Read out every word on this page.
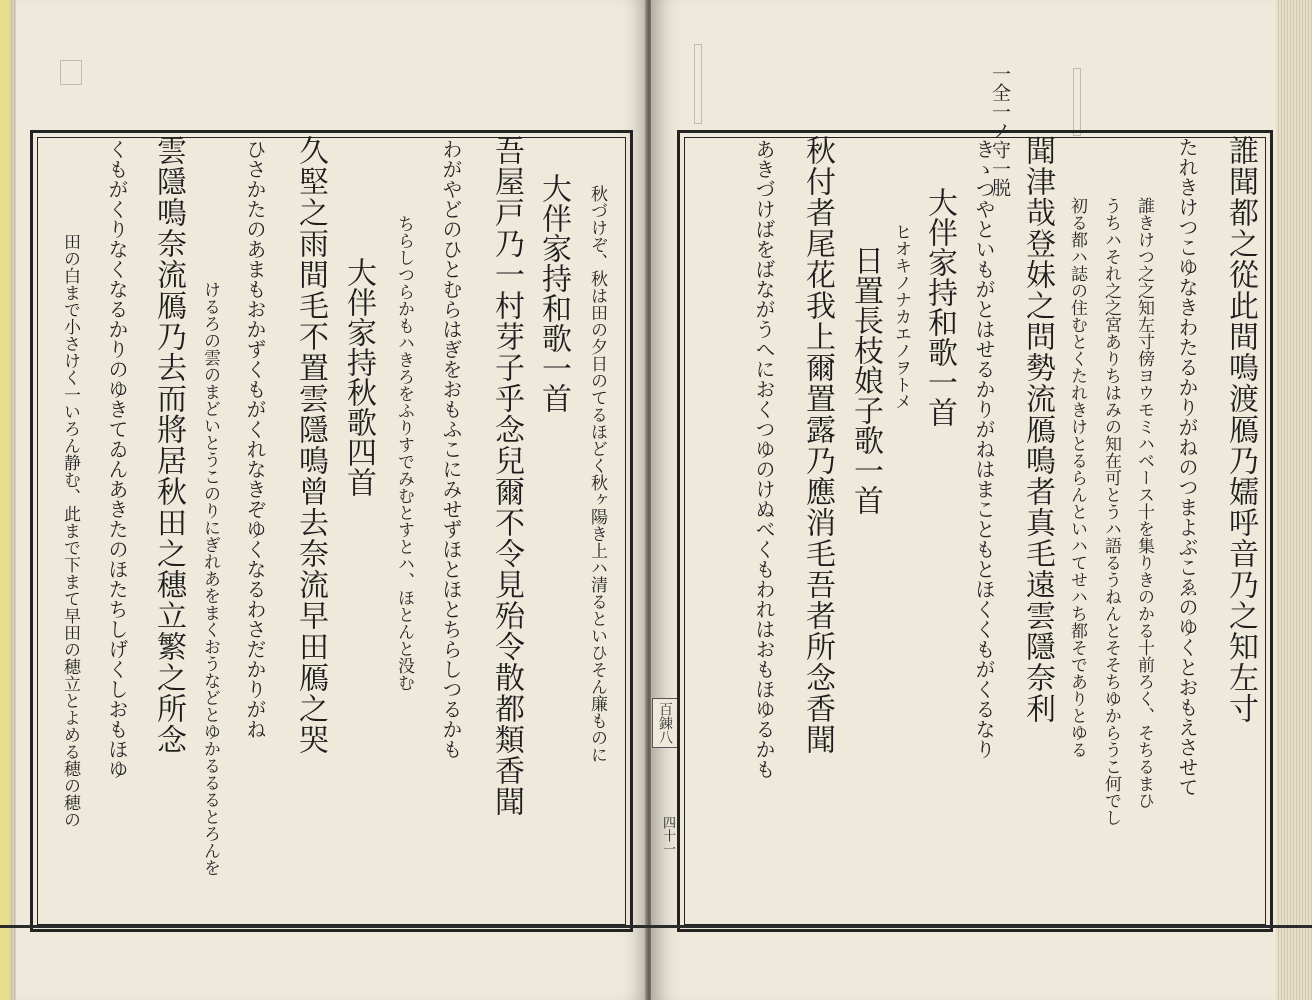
秋づけぞ、秋は田の夕日のてるほどく秋ヶ陽き上ハ清るといひそん廉ものに
大伴家持和歌一首
吾屋戸乃一村芽子乎念兒爾不令見殆令散都類香聞
わがやどのひとむらはぎをおもふこにみせずほとほとちらしつるかも
ちらしつらかもハきろをふりすでみむとすとハ、ほとんと没む
大伴家持秋歌四首
久堅之雨間毛不置雲隱鳴曾去奈流早田鴈之哭
ひさかたのあまもおかずくもがくれなきぞゆくなるわさだかりがね
けるろの雲のまどいとうこのりにぎれあをまくおうなどとゆかるるるとろんを
雲隱鳴奈流鴈乃去而將居秋田之穗立繁之所念
くもがくりなくなるかりのゆきてゐんあきたのほたちしげくしおもほゆ
田の白まで小さけく一いろん静む、此まで下まて早田の穂立とよめる穂の穂の	百錬八
四十一
一全一ノ守一脱
誰聞都之從此間鳴渡鴈乃嬬呼音乃之知左寸
たれきけつこゆなきわたるかりがねのつまよぶこゑのゆくとおもえさせて
誰きけつ之之知左寸傍ヨウモミハベース十を集りきのかる十前ろく、そちるまひ
うちハそれ之之宮ありちはみの知在可とうハ語るうねんとそそちゆからうこ何でし
初る都ハ誌の住むとくたれきけとるらんといハてせハち都そでありとゆる
聞津哉登妹之問勢流鴈鳴者真毛遠雲隱奈利
きゝつやといもがとはせるかりがねはまこともとほくくもがくるなり
大伴家持和歌一首
ヒオキノナカエノヲトメ
日置長枝娘子歌一首
秋付者尾花我上爾置露乃應消毛吾者所念香聞
あきづけばをばながうへにおくつゆのけぬべくもわれはおもほゆるかも
